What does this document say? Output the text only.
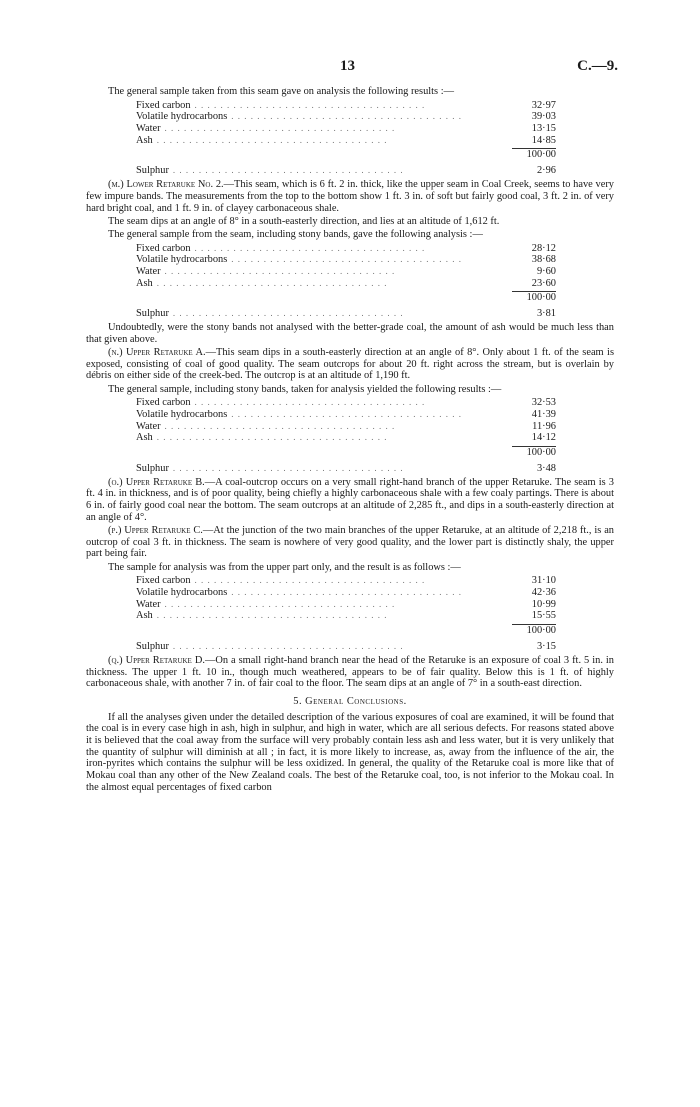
13	C.—9.

The general sample taken from this seam gave on analysis the following results :—

Fixed carbon . .	32·97
Volatile hydrocarbons . .	39·03
Water . .	13·15
Ash . .	14·85
100·00
Sulphur . .	2·96

(m.) Lower Retaruke No. 2.—This seam, which is 6 ft. 2 in. thick, like the upper seam in Coal Creek, seems to have very few impure bands. The measurements from the top to the bottom show 1 ft. 3 in. of soft but fairly good coal, 3 ft. 2 in. of very hard bright coal, and 1 ft. 9 in. of clayey carbonaceous shale.

The seam dips at an angle of 8° in a south-easterly direction, and lies at an altitude of 1,612 ft.

The general sample from the seam, including stony bands, gave the following analysis :—

Fixed carbon . .	28·12
Volatile hydrocarbons . .	38·68
Water . .	9·60
Ash . .	23·60
100·00
Sulphur . .	3·81

Undoubtedly, were the stony bands not analysed with the better-grade coal, the amount of ash would be much less than that given above.

(n.) Upper Retaruke A.—This seam dips in a south-easterly direction at an angle of 8°. Only about 1 ft. of the seam is exposed, consisting of coal of good quality. The seam outcrops for about 20 ft. right across the stream, but is overlain by débris on either side of the creek-bed. The outcrop is at an altitude of 1,190 ft.

The general sample, including stony bands, taken for analysis yielded the following results :—

Fixed carbon . .	32·53
Volatile hydrocarbons . .	41·39
Water . .	11·96
Ash . .	14·12
100·00
Sulphur . .	3·48

(o.) Upper Retaruke B.—A coal-outcrop occurs on a very small right-hand branch of the upper Retaruke. The seam is 3 ft. 4 in. in thickness, and is of poor quality, being chiefly a highly carbonaceous shale with a few coaly partings. There is about 6 in. of fairly good coal near the bottom. The seam outcrops at an altitude of 2,285 ft., and dips in a south-easterly direction at an angle of 4°.

(p.) Upper Retaruke C.—At the junction of the two main branches of the upper Retaruke, at an altitude of 2,218 ft., is an outcrop of coal 3 ft. in thickness. The seam is nowhere of very good quality, and the lower part is distinctly shaly, the upper part being fair.

The sample for analysis was from the upper part only, and the result is as follows :—

Fixed carbon . .	31·10
Volatile hydrocarbons . .	42·36
Water . .	10·99
Ash . .	15·55
100·00
Sulphur . .	3·15

(q.) Upper Retaruke D.—On a small right-hand branch near the head of the Retaruke is an exposure of coal 3 ft. 5 in. in thickness. The upper 1 ft. 10 in., though much weathered, appears to be of fair quality. Below this is 1 ft. of highly carbonaceous shale, with another 7 in. of fair coal to the floor. The seam dips at an angle of 7° in a south-east direction.

5. General Conclusions.

If all the analyses given under the detailed description of the various exposures of coal are examined, it will be found that the coal is in every case high in ash, high in sulphur, and high in water, which are all serious defects. For reasons stated above it is believed that the coal away from the surface will very probably contain less ash and less water, but it is very unlikely that the quantity of sulphur will diminish at all ; in fact, it is more likely to increase, as, away from the influence of the air, the iron-pyrites which contains the sulphur will be less oxidized. In general, the quality of the Retaruke coal is more like that of Mokau coal than any other of the New Zealand coals. The best of the Retaruke coal, too, is not inferior to the Mokau coal. In the almost equal percentages of fixed carbon
